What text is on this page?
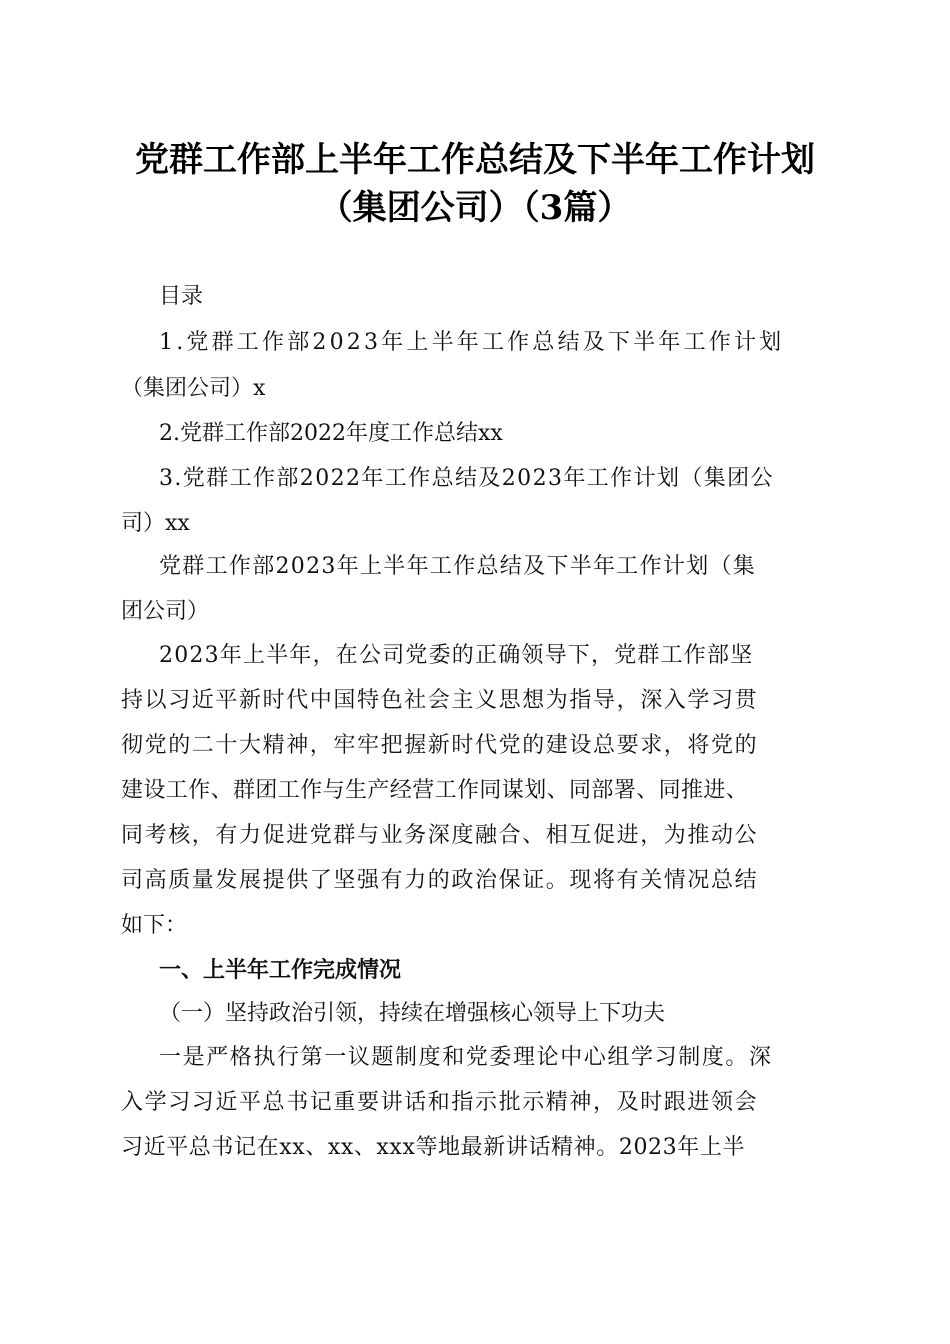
党群工作部上半年工作总结及下半年工作计划
（集团公司）（3篇）
目录
1.党群工作部2023年上半年工作总结及下半年工作计划
（集团公司）x
2.党群工作部2022年度工作总结xx
3.党群工作部2022年工作总结及2023年工作计划（集团公
司）xx
党群工作部2023年上半年工作总结及下半年工作计划（集
团公司）
2023年上半年，在公司党委的正确领导下，党群工作部坚
持以习近平新时代中国特色社会主义思想为指导，深入学习贯
彻党的二十大精神，牢牢把握新时代党的建设总要求，将党的
建设工作、群团工作与生产经营工作同谋划、同部署、同推进、
同考核，有力促进党群与业务深度融合、相互促进，为推动公
司高质量发展提供了坚强有力的政治保证。现将有关情况总结
如下：
一、上半年工作完成情况
（一）坚持政治引领，持续在增强核心领导上下功夫
一是严格执行第一议题制度和党委理论中心组学习制度。深
入学习习近平总书记重要讲话和指示批示精神，及时跟进领会
习近平总书记在xx、xx、xxx等地最新讲话精神。2023年上半
